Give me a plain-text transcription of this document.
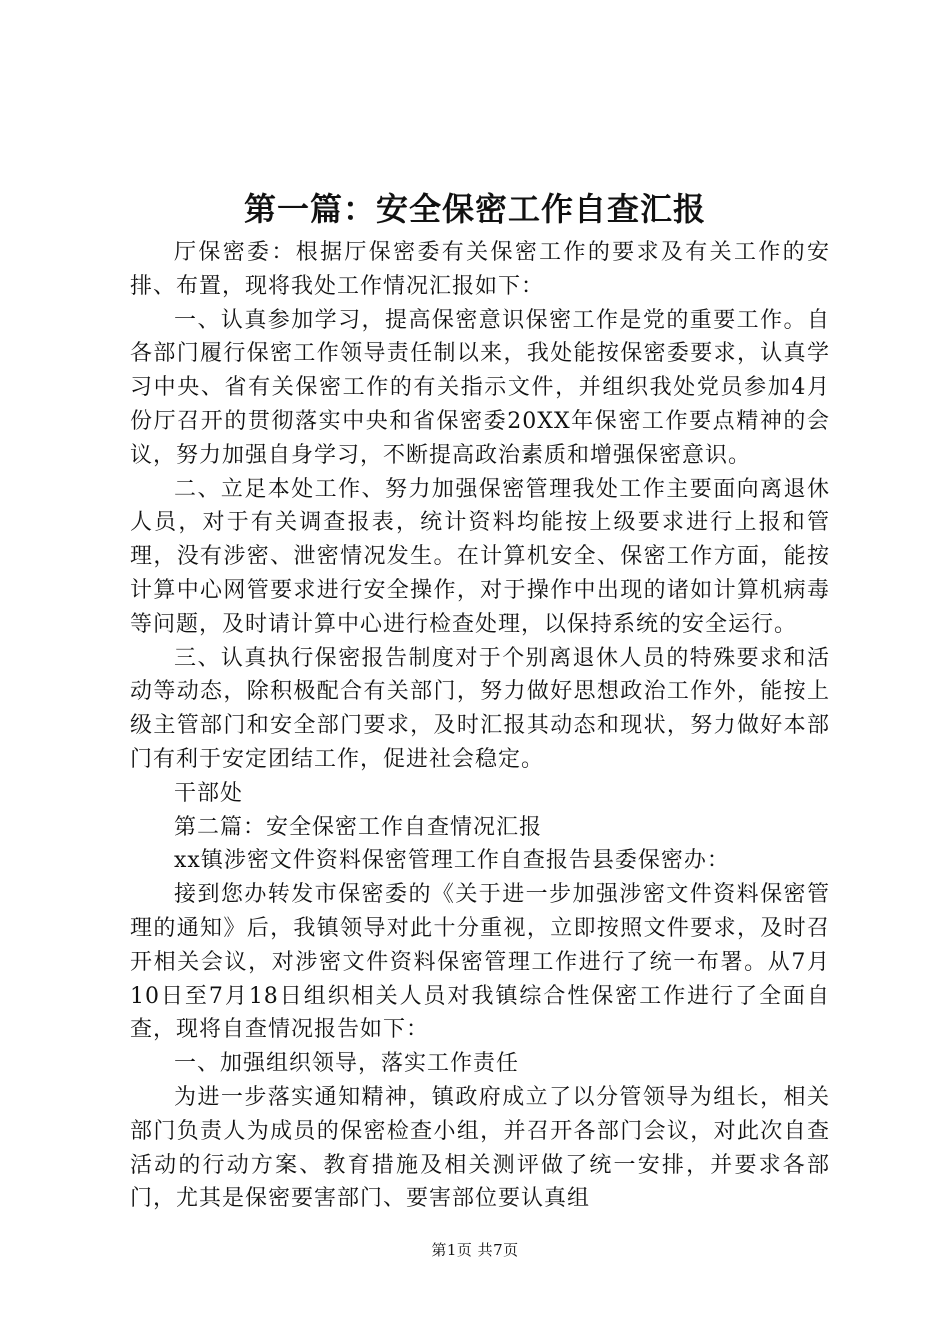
第一篇：安全保密工作自查汇报

厅保密委：根据厅保密委有关保密工作的要求及有关工作的安排、布置，现将我处工作情况汇报如下：

一、认真参加学习，提高保密意识保密工作是党的重要工作。自各部门履行保密工作领导责任制以来，我处能按保密委要求，认真学习中央、省有关保密工作的有关指示文件，并组织我处党员参加4月份厅召开的贯彻落实中央和省保密委20XX年保密工作要点精神的会议，努力加强自身学习，不断提高政治素质和增强保密意识。

二、立足本处工作、努力加强保密管理我处工作主要面向离退休人员，对于有关调查报表，统计资料均能按上级要求进行上报和管理，没有涉密、泄密情况发生。在计算机安全、保密工作方面，能按计算中心网管要求进行安全操作，对于操作中出现的诸如计算机病毒等问题，及时请计算中心进行检查处理，以保持系统的安全运行。

三、认真执行保密报告制度对于个别离退休人员的特殊要求和活动等动态，除积极配合有关部门，努力做好思想政治工作外，能按上级主管部门和安全部门要求，及时汇报其动态和现状，努力做好本部门有利于安定团结工作，促进社会稳定。

干部处

第二篇：安全保密工作自查情况汇报

xx镇涉密文件资料保密管理工作自查报告县委保密办：

接到您办转发市保密委的《关于进一步加强涉密文件资料保密管理的通知》后，我镇领导对此十分重视，立即按照文件要求，及时召开相关会议，对涉密文件资料保密管理工作进行了统一布署。从7月10日至7月18日组织相关人员对我镇综合性保密工作进行了全面自查，现将自查情况报告如下：

一、加强组织领导，落实工作责任

为进一步落实通知精神，镇政府成立了以分管领导为组长，相关部门负责人为成员的保密检查小组，并召开各部门会议，对此次自查活动的行动方案、教育措施及相关测评做了统一安排，并要求各部门，尤其是保密要害部门、要害部位要认真组

第1页 共7页
